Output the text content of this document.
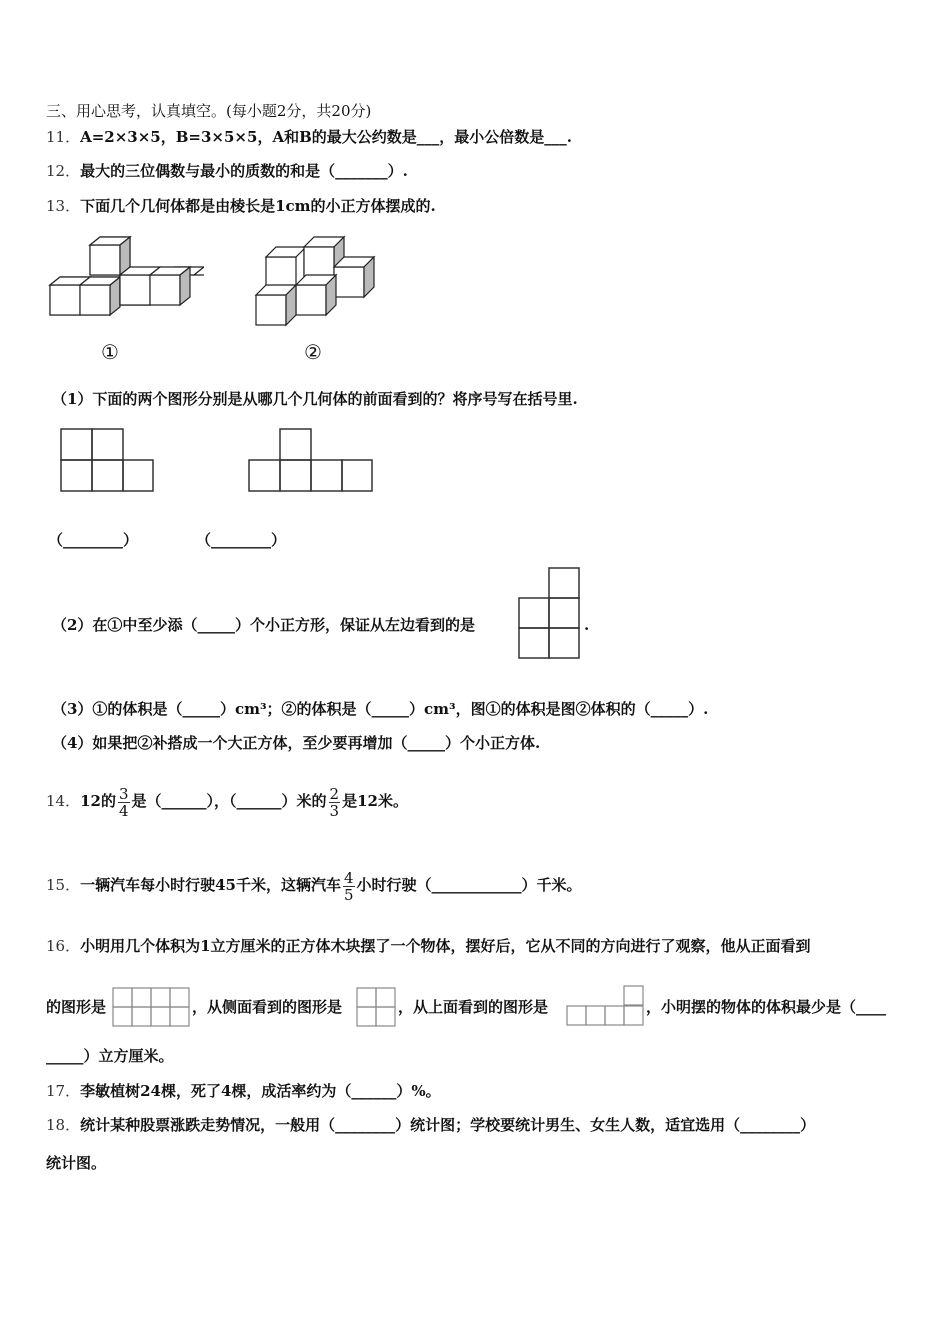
三、用心思考，认真填空。(每小题2分，共20分)
11．A=2×3×5，B=3×5×5，A和B的最大公约数是___，最小公倍数是___.
12．最大的三位偶数与最小的质数的和是（_______）.
13．下面几个几何体都是由棱长是1cm的小正方体摆成的.
①	②
（1）下面的两个图形分别是从哪几个几何体的前面看到的？将序号写在括号里.
（________）	（________）
（2）在①中至少添（_____）个小正方形，保证从左边看到的是	.
（3）①的体积是（_____）cm³；②的体积是（_____）cm³，图①的体积是图②体积的（_____）.
（4）如果把②补搭成一个大正方体，至少要再增加（_____）个小正方体.
14．12的 $\frac{3}{4}$ 是（______），（______）米的 $\frac{2}{3}$ 是12米。
15．一辆汽车每小时行驶45千米，这辆汽车 $\frac{4}{5}$ 小时行驶（____________）千米。
16．小明用几个体积为1立方厘米的正方体木块摆了一个物体，摆好后，它从不同的方向进行了观察，他从正面看到
的图形是	，从侧面看到的图形是	，从上面看到的图形是	，小明摆的物体的体积最少是（____
_____）立方厘米。
17．李敏植树24棵，死了4棵，成活率约为（______）%。
18．统计某种股票涨跌走势情况，一般用（________）统计图；学校要统计男生、女生人数，适宜选用（________）
统计图。
